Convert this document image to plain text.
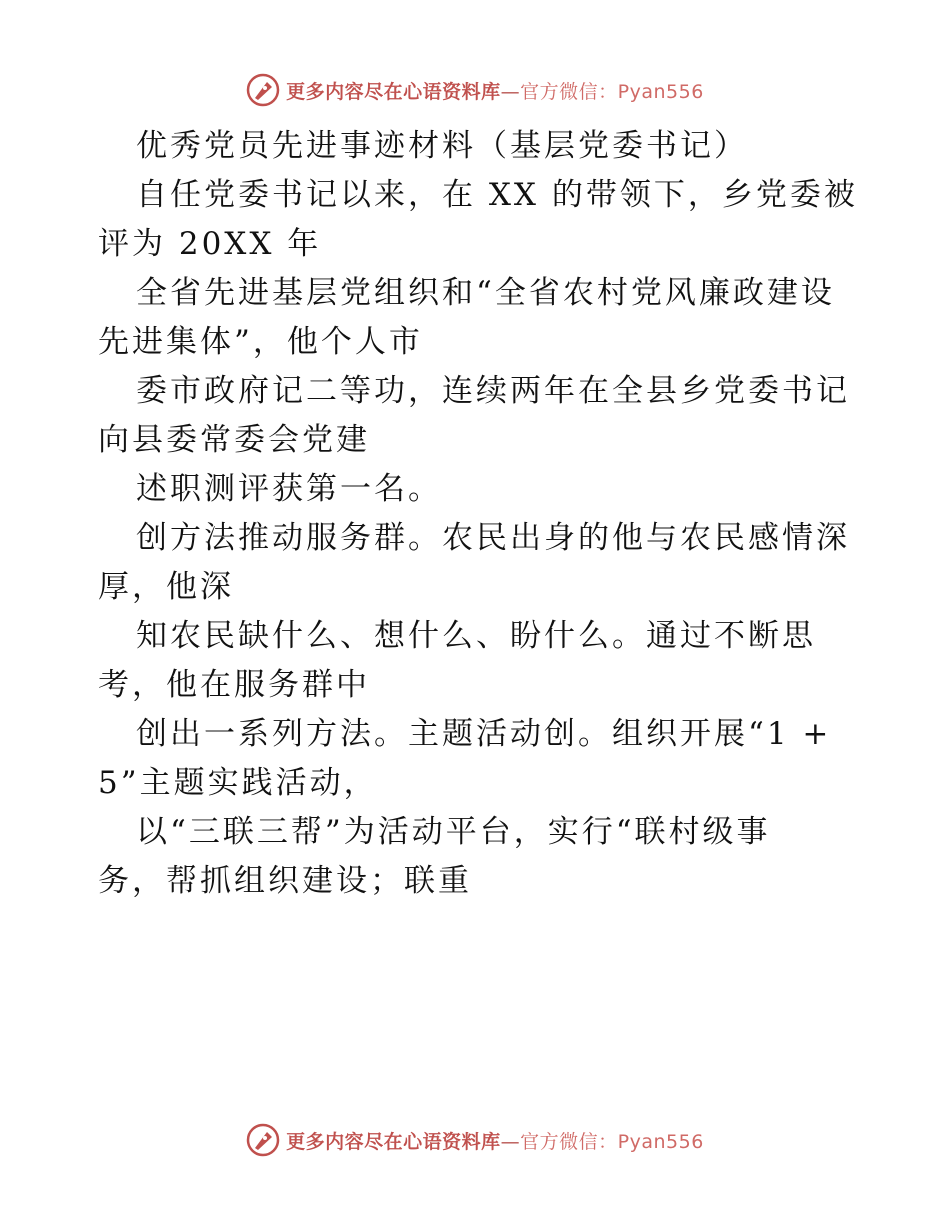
更多内容尽在心语资料库—官方微信：Pyan556
优秀党员先进事迹材料（基层党委书记）
自任党委书记以来，在 XX 的带领下，乡党委被
评为 20XX 年
全省先进基层党组织和“全省农村党风廉政建设
先进集体”，他个人市
委市政府记二等功，连续两年在全县乡党委书记
向县委常委会党建
述职测评获第一名。
创方法推动服务群。农民出身的他与农民感情深
厚，他深
知农民缺什么、想什么、盼什么。通过不断思
考，他在服务群中
创出一系列方法。主题活动创。组织开展“1 +
5”主题实践活动，
以“三联三帮”为活动平台，实行“联村级事
务，帮抓组织建设；联重
更多内容尽在心语资料库—官方微信：Pyan556
